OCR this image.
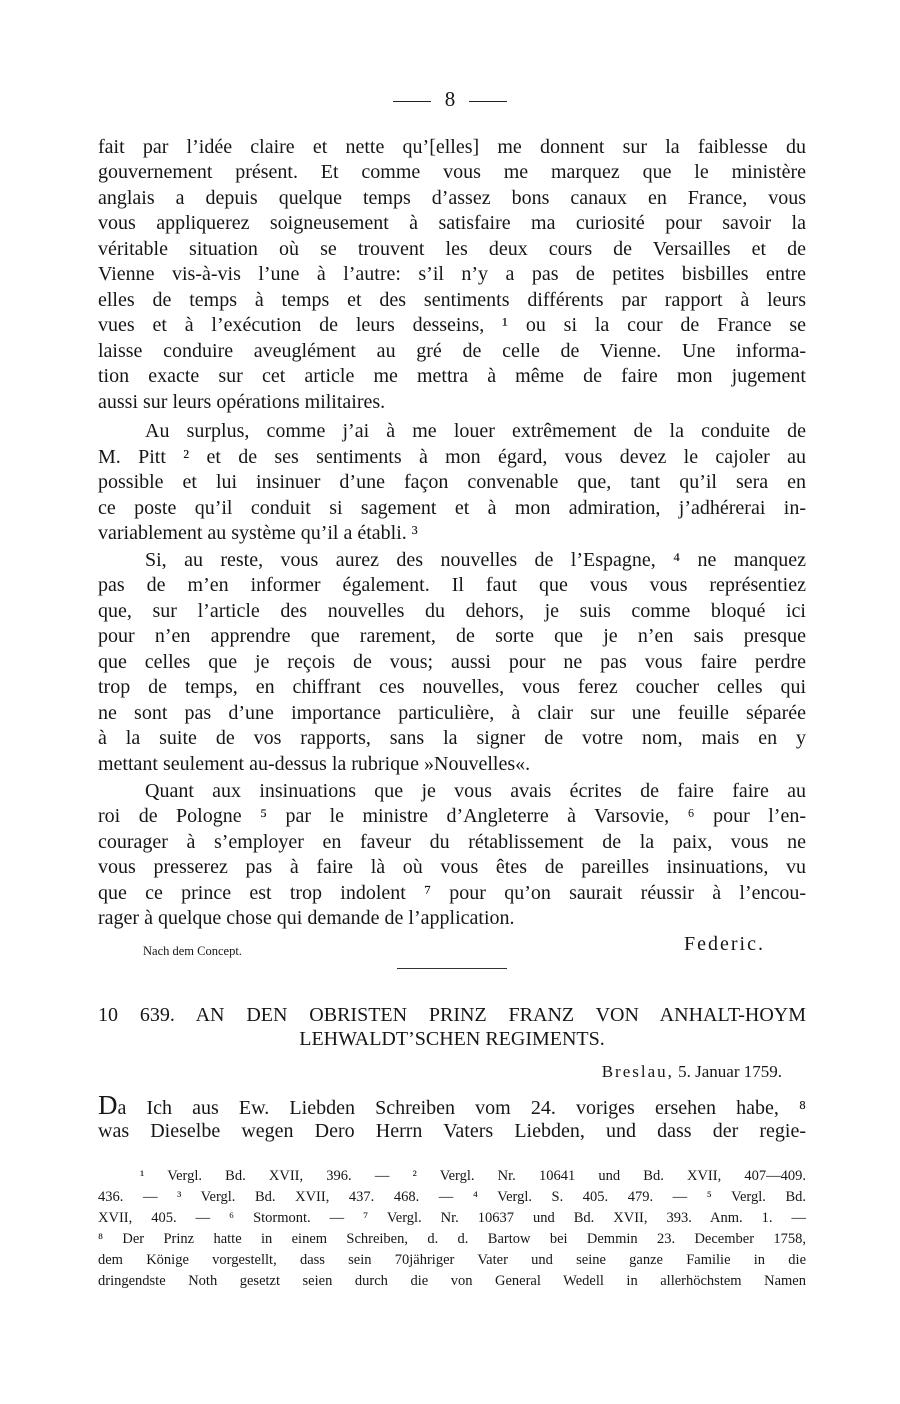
8
fait par l’idée claire et nette qu’[elles] me donnent sur la faiblesse du
gouvernement présent. Et comme vous me marquez que le ministère
anglais a depuis quelque temps d’assez bons canaux en France, vous
vous appliquerez soigneusement à satisfaire ma curiosité pour savoir la
véritable situation où se trouvent les deux cours de Versailles et de
Vienne vis-à-vis l’une à l’autre: s’il n’y a pas de petites bisbilles entre
elles de temps à temps et des sentiments différents par rapport à leurs
vues et à l’exécution de leurs desseins, ¹ ou si la cour de France se
laisse conduire aveuglément au gré de celle de Vienne. Une informa-
tion exacte sur cet article me mettra à même de faire mon jugement
aussi sur leurs opérations militaires.
Au surplus, comme j’ai à me louer extrêmement de la conduite de
M. Pitt ² et de ses sentiments à mon égard, vous devez le cajoler au
possible et lui insinuer d’une façon convenable que, tant qu’il sera en
ce poste qu’il conduit si sagement et à mon admiration, j’adhérerai in-
variablement au système qu’il a établi. ³
Si, au reste, vous aurez des nouvelles de l’Espagne, ⁴ ne manquez
pas de m’en informer également. Il faut que vous vous représentiez
que, sur l’article des nouvelles du dehors, je suis comme bloqué ici
pour n’en apprendre que rarement, de sorte que je n’en sais presque
que celles que je reçois de vous; aussi pour ne pas vous faire perdre
trop de temps, en chiffrant ces nouvelles, vous ferez coucher celles qui
ne sont pas d’une importance particulière, à clair sur une feuille séparée
à la suite de vos rapports, sans la signer de votre nom, mais en y
mettant seulement au-dessus la rubrique »Nouvelles«.
Quant aux insinuations que je vous avais écrites de faire faire au
roi de Pologne ⁵ par le ministre d’Angleterre à Varsovie, ⁶ pour l’en-
courager à s’employer en faveur du rétablissement de la paix, vous ne
vous presserez pas à faire là où vous êtes de pareilles insinuations, vu
que ce prince est trop indolent ⁷ pour qu’on saurait réussir à l’encou-
rager à quelque chose qui demande de l’application.
Nach dem Concept.	Federic.
10 639. AN DEN OBRISTEN PRINZ FRANZ VON ANHALT-HOYM
LEHWALDT’SCHEN REGIMENTS.
Breslau, 5. Januar 1759.
Da Ich aus Ew. Liebden Schreiben vom 24. voriges ersehen habe, ⁸
was Dieselbe wegen Dero Herrn Vaters Liebden, und dass der regie-
¹ Vergl. Bd. XVII, 396. — ² Vergl. Nr. 10641 und Bd. XVII, 407—409.
436. — ³ Vergl. Bd. XVII, 437. 468. — ⁴ Vergl. S. 405. 479. — ⁵ Vergl. Bd.
XVII, 405. — ⁶ Stormont. — ⁷ Vergl. Nr. 10637 und Bd. XVII, 393. Anm. 1. —
⁸ Der Prinz hatte in einem Schreiben, d. d. Bartow bei Demmin 23. December 1758,
dem Könige vorgestellt, dass sein 70jähriger Vater und seine ganze Familie in die
dringendste Noth gesetzt seien durch die von General Wedell in allerhöchstem Namen
